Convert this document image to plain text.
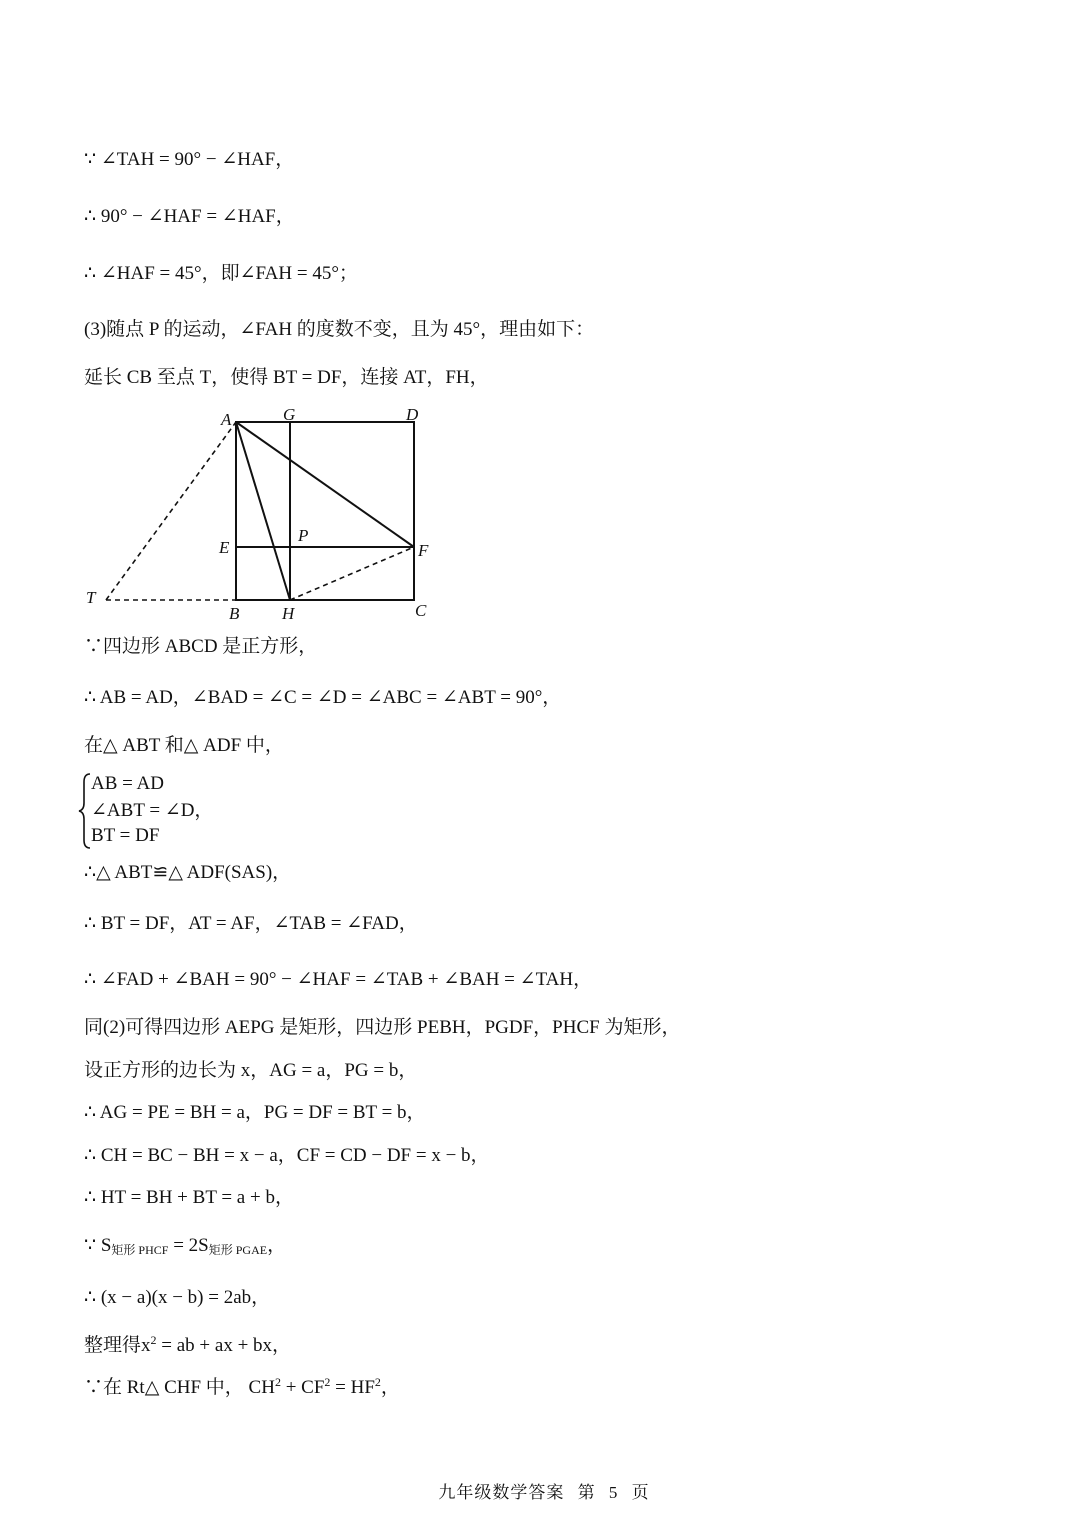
∵ ∠TAH = 90° − ∠HAF，
∴ 90° − ∠HAF = ∠HAF，
∴ ∠HAF = 45°，即∠FAH = 45°；
(3)随点 P 的运动，∠FAH 的度数不变，且为 45°，理由如下：
延长 CB 至点 T，使得 BT = DF，连接 AT，FH，
A	G	D
E
P
F
T
B	H	C
∵四边形 ABCD 是正方形，
∴ AB = AD，∠BAD = ∠C = ∠D = ∠ABC = ∠ABT = 90°，
在△ ABT 和△ ADF 中，
AB = AD
∠ABT = ∠D，
BT = DF
∴△ ABT≌△ ADF(SAS)，
∴ BT = DF，AT = AF，∠TAB = ∠FAD，
∴ ∠FAD + ∠BAH = 90° − ∠HAF = ∠TAB + ∠BAH = ∠TAH，
同(2)可得四边形 AEPG 是矩形，四边形 PEBH，PGDF，PHCF 为矩形，
设正方形的边长为 x，AG = a，PG = b，
∴ AG = PE = BH = a，PG = DF = BT = b，
∴ CH = BC − BH = x − a，CF = CD − DF = x − b，
∴ HT = BH + BT = a + b，
∵ $S_{矩形 PHCF} = 2S_{矩形 PGAE}$，
∴ (x − a)(x − b) = 2ab，
整理得$x^2$ = ab + ax + bx，
∵在 Rt△ CHF 中， $CH^2 + CF^2 = HF^2$，
九年级数学答案 第 5 页
